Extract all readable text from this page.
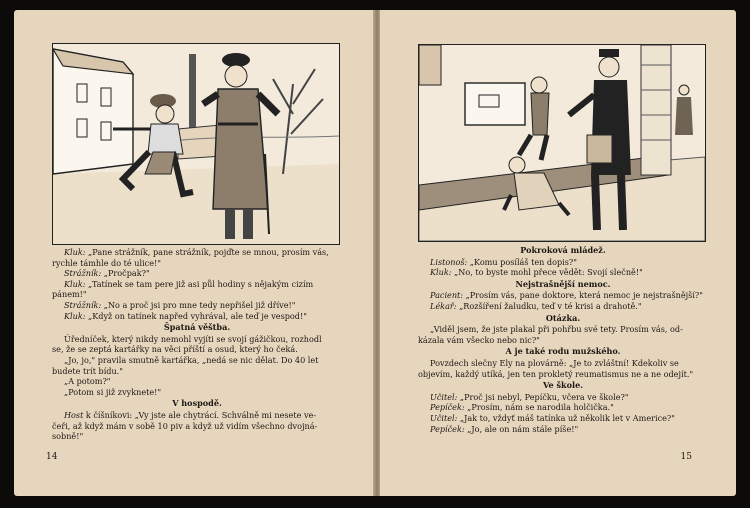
Kluk: „Pane strážník, pane strážník, pojďte se mnou, prosím vás,

rychle támhle do té ulice!"

Strážník: „Pročpak?"

Kluk: „Tatínek se tam pere již asi půl hodiny s nějakým cizím

pánem!"

Strážník: „No a proč jsi pro mne tedy nepřišel již dříve!"

Kluk: „Když on tatínek napřed vyhrával, ale teď je vespod!"

Špatná věštba.

Úředníček, který nikdy nemohl vyjíti se svojí gážičkou, rozhodl

se, že se zeptá kartářky na věci příští a osud, který ho čeká.

„Jo, jo," pravila smutně kartářka, „nedá se nic dělat. Do 40 let

budete trít bídu."

„A potom?"

„Potom si již zvyknete!"

V hospodě.

Host k číšníkovi: „Vy jste ale chytrácí. Schválně mi nesete ve-

čeři, až když mám v sobě 10 piv a když už vidím všechno dvojná-

sobně!"

14

Pokroková mládež.

Listonoš: „Komu posíláš ten dopis?"

Kluk: „No, to byste mohl přece vědět: Svojí slečně!"

Nejstrašnější nemoc.

Pacient: „Prosím vás, pane doktore, která nemoc je nejstrašnější?"

Lékař: „Rozšíření žaludku, teď v té krisi a drahotě."

Otázka.

„Viděl jsem, že jste plakal při pohřbu své tety. Prosím vás, od-

kázala vám všecko nebo nic?"

A je také rodu mužského.

Povzdech slečny Ely na plovárně: „Je to zvláštní! Kdekoliv se

objevím, každý utíká, jen ten prokletý reumatismus ne a ne odejít."

Ve škole.

Učitel: „Proč jsi nebyl, Pepíčku, včera ve škole?"

Pepíček: „Prosím, nám se narodila holčička."

Učitel: „Jak to, vždyť máš tatínka už několik let v Americe?"

Pepíček: „Jo, ale on nám stále píše!"

15
